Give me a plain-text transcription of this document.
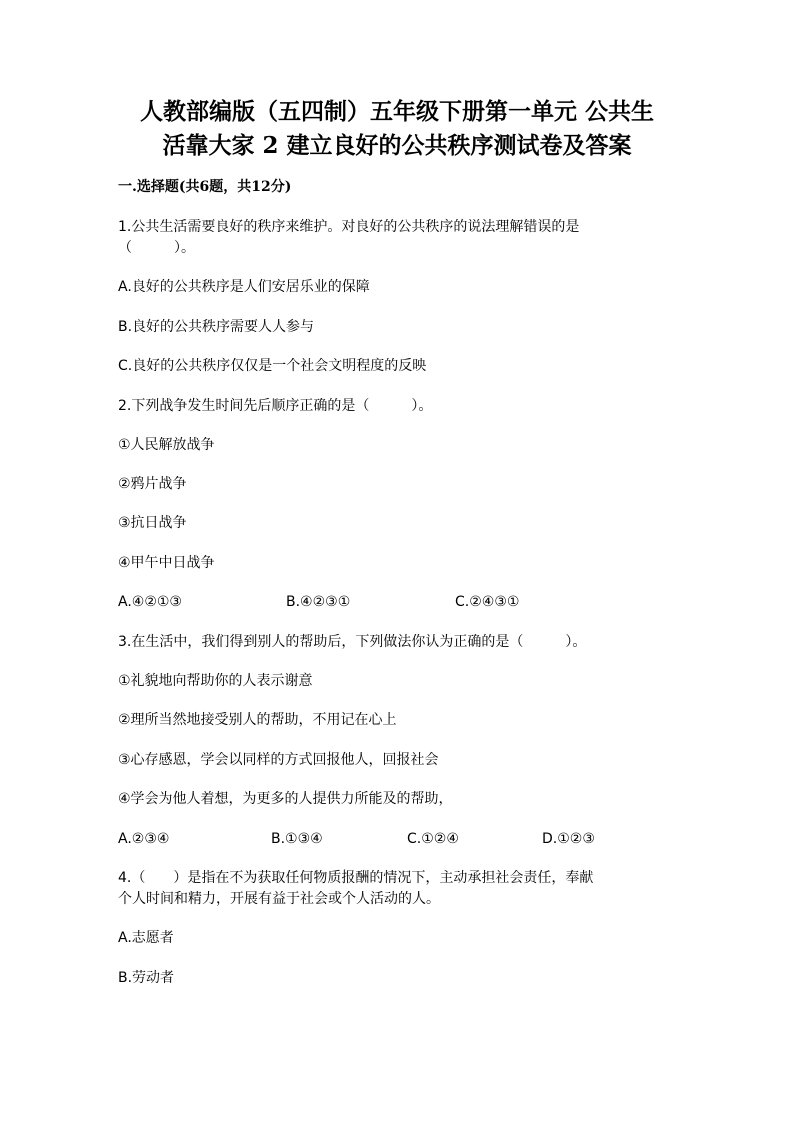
人教部编版（五四制）五年级下册第一单元 公共生
活靠大家 2 建立良好的公共秩序测试卷及答案
一.选择题(共6题，共12分)
1.公共生活需要良好的秩序来维护。对良好的公共秩序的说法理解错误的是
（　　　）。
A.良好的公共秩序是人们安居乐业的保障
B.良好的公共秩序需要人人参与
C.良好的公共秩序仅仅是一个社会文明程度的反映
2.下列战争发生时间先后顺序正确的是（　　　）。
①人民解放战争
②鸦片战争
③抗日战争
④甲午中日战争
A.④②①③	B.④②③①	C.②④③①
3.在生活中，我们得到别人的帮助后，下列做法你认为正确的是（　　　）。
①礼貌地向帮助你的人表示谢意
②理所当然地接受别人的帮助，不用记在心上
③心存感恩，学会以同样的方式回报他人，回报社会
④学会为他人着想，为更多的人提供力所能及的帮助，
A.②③④	B.①③④	C.①②④	D.①②③
4.（　　）是指在不为获取任何物质报酬的情况下，主动承担社会责任，奉献
个人时间和精力，开展有益于社会或个人活动的人。
A.志愿者
B.劳动者
